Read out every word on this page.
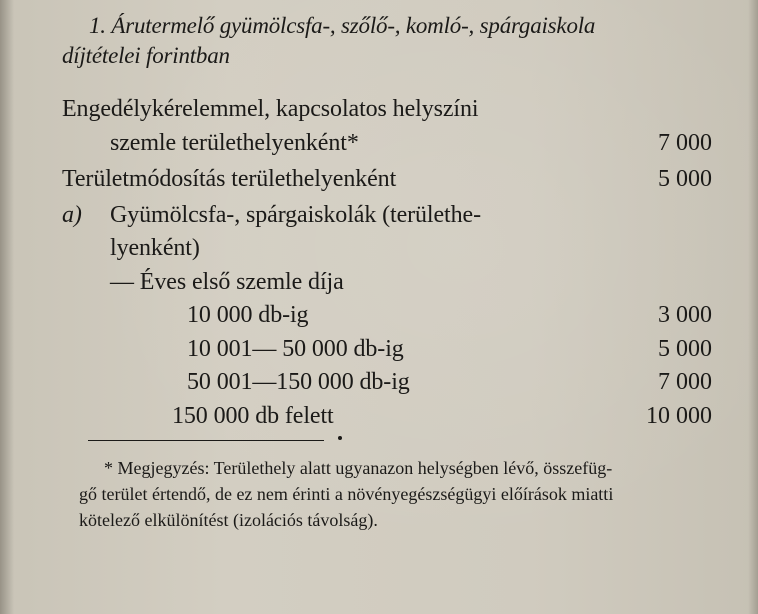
1. Árutermelő gyümölcsfa-, szőlő-, komló-, spárgaiskola
díjtételei forintban
Engedélykérelemmel, kapcsolatos helyszíni
szemle területhelyenként*	7 000
Területmódosítás területhelyenként	5 000
a) Gyümölcsfa-, spárgaiskolák (területhe-
lyenként)
— Éves első szemle díja
10 000 db-ig	3 000
10 001— 50 000 db-ig	5 000
50 001—150 000 db-ig	7 000
150 000 db felett	10 000
* Megjegyzés: Területhely alatt ugyanazon helységben lévő, összefüg-
gő terület értendő, de ez nem érinti a növényegészségügyi előírások miatti
kötelező elkülönítést (izolációs távolság).
